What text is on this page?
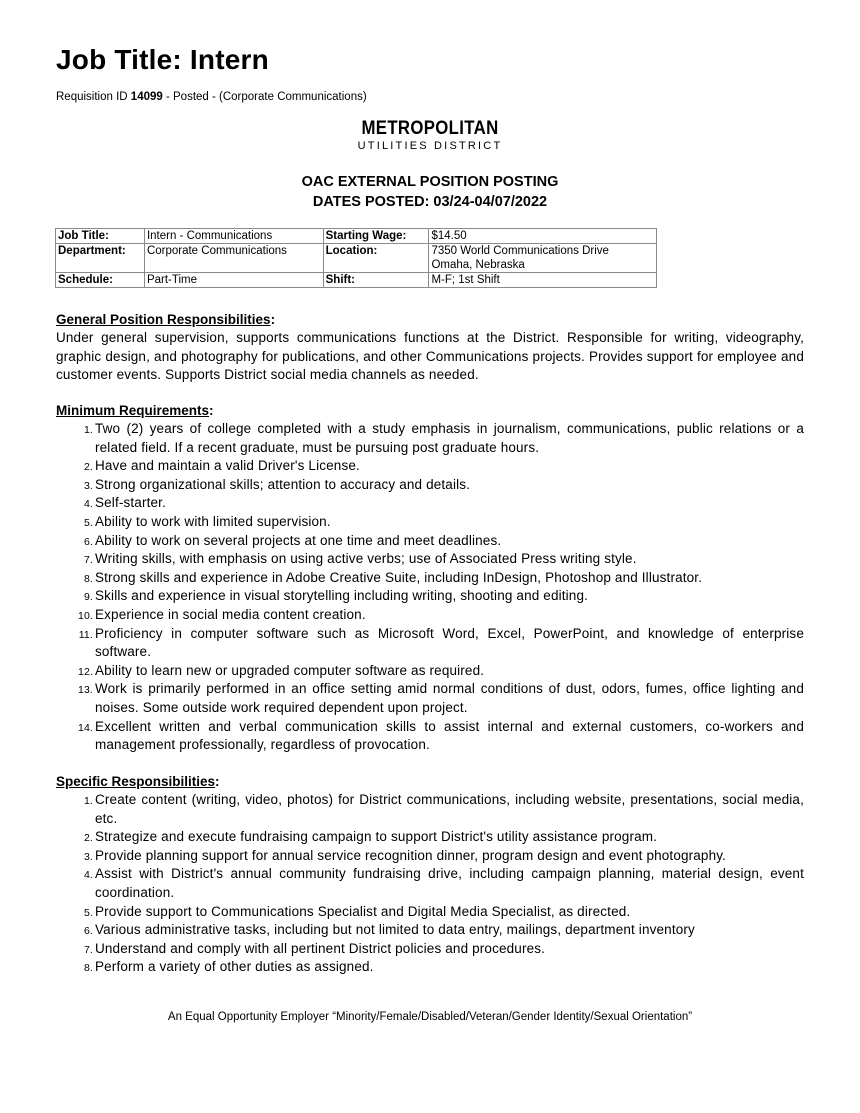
Job Title: Intern
Requisition ID 14099 - Posted - (Corporate Communications)
METROPOLITAN
UTILITIES DISTRICT
OAC EXTERNAL POSITION POSTING
DATES POSTED: 03/24-04/07/2022
Job Title:	Intern - Communications	Starting Wage:	$14.50
Department:	Corporate Communications	Location:	7350 World Communications Drive
Omaha, Nebraska

Schedule:	Part-Time	Shift:	M-F; 1st Shift
General Position Responsibilities:

Under general supervision, supports communications functions at the District. Responsible for writing, videography, graphic design, and photography for publications, and other Communications projects. Provides support for employee and customer events. Supports District social media channels as needed.

Minimum Requirements:
1. Two (2) years of college completed with a study emphasis in journalism, communications, public relations or a related field. If a recent graduate, must be pursuing post graduate hours.
2. Have and maintain a valid Driver's License.
3. Strong organizational skills; attention to accuracy and details.
4. Self-starter.
5. Ability to work with limited supervision.
6. Ability to work on several projects at one time and meet deadlines.
7. Writing skills, with emphasis on using active verbs; use of Associated Press writing style.
8. Strong skills and experience in Adobe Creative Suite, including InDesign, Photoshop and Illustrator.
9. Skills and experience in visual storytelling including writing, shooting and editing.
10. Experience in social media content creation.
11. Proficiency in computer software such as Microsoft Word, Excel, PowerPoint, and knowledge of enterprise software.
12. Ability to learn new or upgraded computer software as required.
13. Work is primarily performed in an office setting amid normal conditions of dust, odors, fumes, office lighting and noises. Some outside work required dependent upon project.
14. Excellent written and verbal communication skills to assist internal and external customers, co-workers and management professionally, regardless of provocation.
Specific Responsibilities:
1. Create content (writing, video, photos) for District communications, including website, presentations, social media, etc.
2. Strategize and execute fundraising campaign to support District's utility assistance program.
3. Provide planning support for annual service recognition dinner, program design and event photography.
4. Assist with District's annual community fundraising drive, including campaign planning, material design, event coordination.
5. Provide support to Communications Specialist and Digital Media Specialist, as directed.
6. Various administrative tasks, including but not limited to data entry, mailings, department inventory
7. Understand and comply with all pertinent District policies and procedures.
8. Perform a variety of other duties as assigned.
An Equal Opportunity Employer “Minority/Female/Disabled/Veteran/Gender Identity/Sexual Orientation”
